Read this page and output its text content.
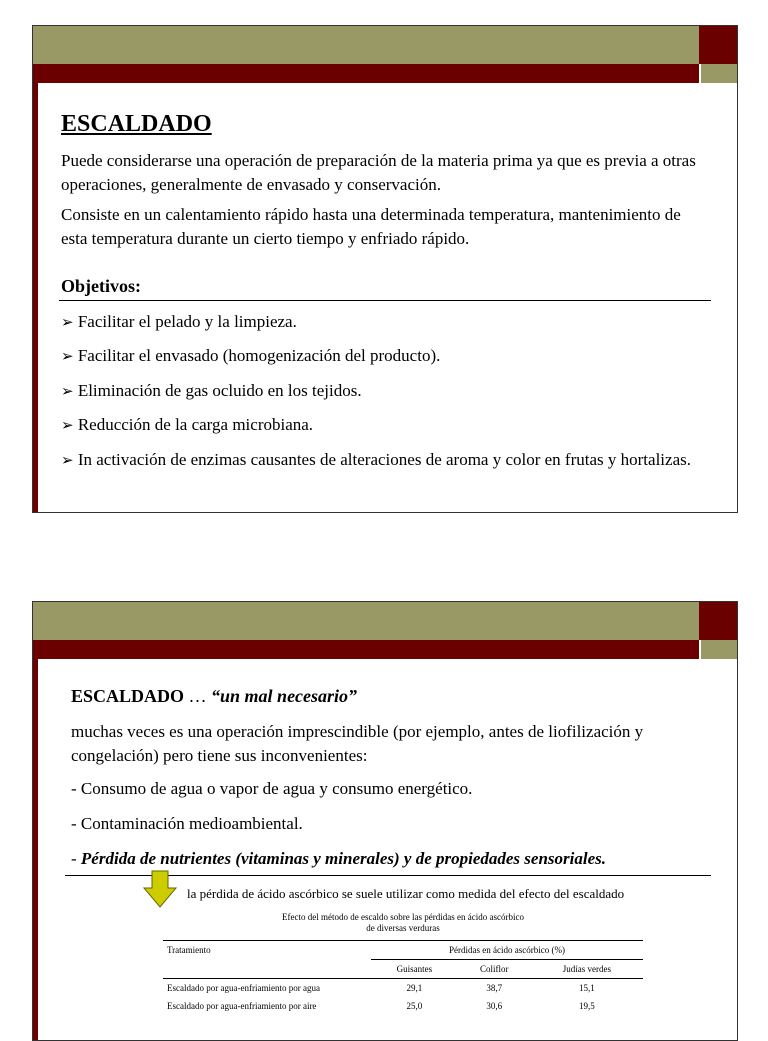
ESCALDADO
Puede considerarse una operación de preparación de la materia prima ya que es previa a otras operaciones, generalmente de envasado y conservación.
Consiste en un calentamiento rápido hasta una determinada temperatura, mantenimiento de esta temperatura durante un cierto tiempo y enfriado rápido.
Objetivos:
➢ Facilitar el pelado y la limpieza.
➢ Facilitar el envasado (homogenización del producto).
➢ Eliminación de gas ocluido en los tejidos.
➢ Reducción de la carga microbiana.
➢ In activación de enzimas causantes de alteraciones de aroma y color en frutas y hortalizas.
ESCALDADO … “un mal necesario”
muchas veces es una operación imprescindible (por ejemplo, antes de liofilización y congelación) pero tiene sus inconvenientes:
- Consumo de agua o vapor de agua y consumo energético.
- Contaminación medioambiental.
- Pérdida de nutrientes (vitaminas y minerales) y de propiedades sensoriales.
la pérdida de ácido ascórbico se suele utilizar como medida del efecto del escaldado
Efecto del método de escaldo sobre las pérdidas en ácido ascórbico
de diversas verduras
Tratamiento	Pérdidas en ácido ascórbico (%)		
	Guisantes	Coliflor	Judías verdes
Escaldado por agua-enfriamiento por agua	29,1	38,7	15,1
Escaldado por agua-enfriamiento por aire	25,0	30,6	19,5
